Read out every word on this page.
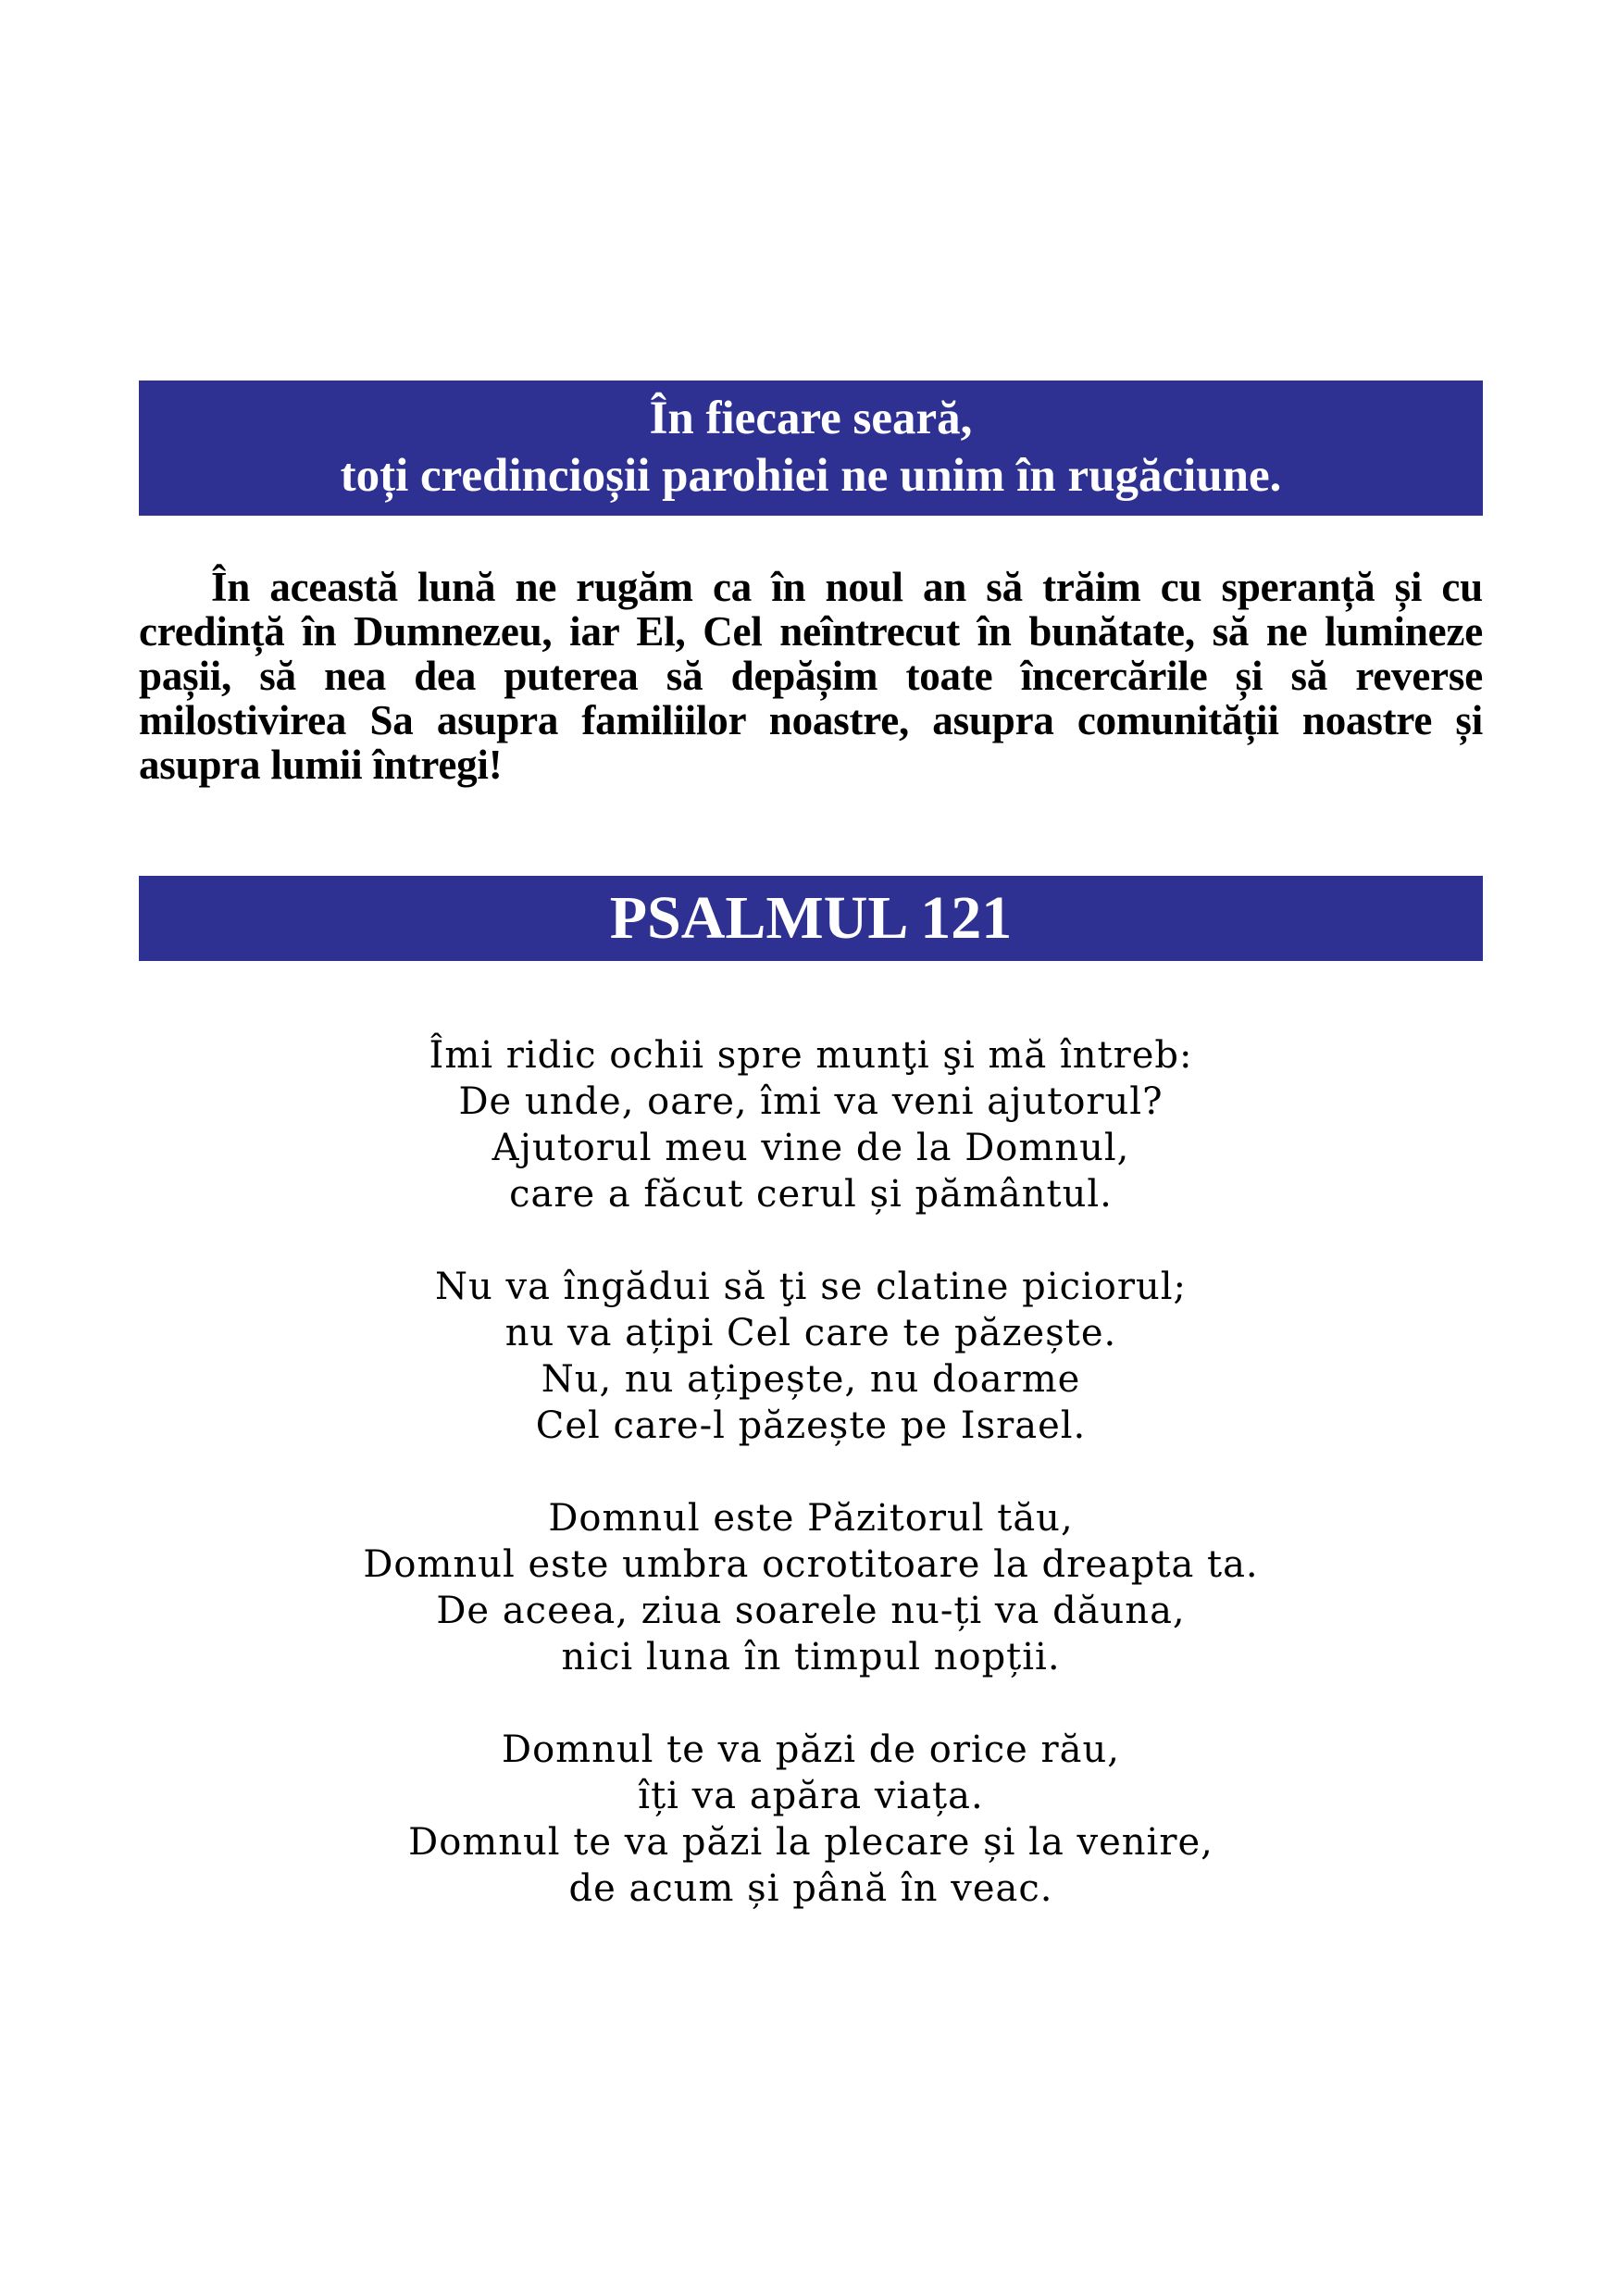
În fiecare seară,
toți credincioșii parohiei ne unim în rugăciune.

În această lună ne rugăm ca în noul an să trăim cu speranță și cu credință în Dumnezeu, iar El, Cel neîntrecut în bunătate, să ne lumineze pașii, să nea dea puterea să depășim toate încercările și să reverse milostivirea Sa asupra familiilor noastre, asupra comunității noastre și asupra lumii întregi!

PSALMUL 121
Îmi ridic ochii spre munţi şi mă întreb:
De unde, oare, îmi va veni ajutorul?
Ajutorul meu vine de la Domnul,
care a făcut cerul și pământul.
Nu va îngădui să ţi se clatine piciorul;
nu va ațipi Cel care te păzește.
Nu, nu ațipește, nu doarme
Cel care-l păzește pe Israel.
Domnul este Păzitorul tău,
Domnul este umbra ocrotitoare la dreapta ta.
De aceea, ziua soarele nu-ți va dăuna,
nici luna în timpul nopții.
Domnul te va păzi de orice rău,
îți va apăra viața.
Domnul te va păzi la plecare și la venire,
de acum și până în veac.
